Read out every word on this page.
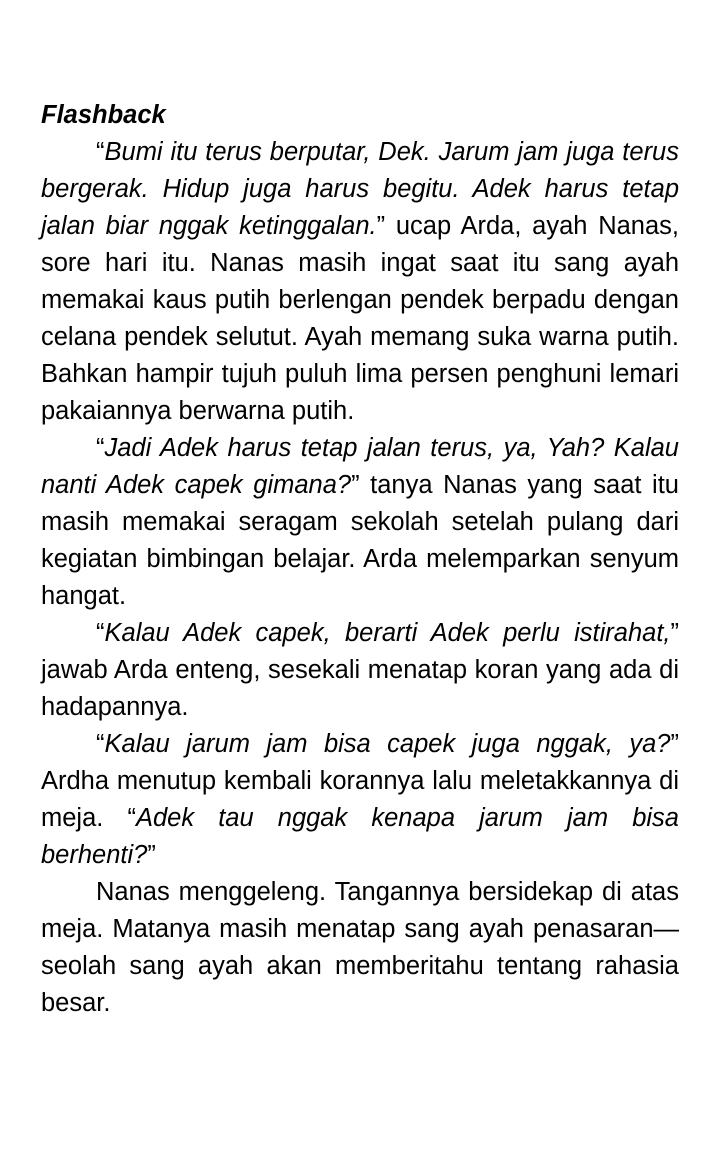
Flashback

“Bumi itu terus berputar, Dek. Jarum jam juga terus bergerak. Hidup juga harus begitu. Adek harus tetap jalan biar nggak ketinggalan.” ucap Arda, ayah Nanas, sore hari itu. Nanas masih ingat saat itu sang ayah memakai kaus putih berlengan pendek berpadu dengan celana pendek selutut. Ayah memang suka warna putih. Bahkan hampir tujuh puluh lima persen penghuni lemari pakaiannya berwarna putih.

“Jadi Adek harus tetap jalan terus, ya, Yah? Kalau nanti Adek capek gimana?” tanya Nanas yang saat itu masih memakai seragam sekolah setelah pulang dari kegiatan bimbingan belajar. Arda melemparkan senyum hangat.

“Kalau Adek capek, berarti Adek perlu istirahat,” jawab Arda enteng, sesekali menatap koran yang ada di hadapannya.

“Kalau jarum jam bisa capek juga nggak, ya?” Ardha menutup kembali korannya lalu meletakkannya di meja. “Adek tau nggak kenapa jarum jam bisa berhenti?”

Nanas menggeleng. Tangannya bersidekap di atas meja. Matanya masih menatap sang ayah penasaran—seolah sang ayah akan memberitahu tentang rahasia besar.
